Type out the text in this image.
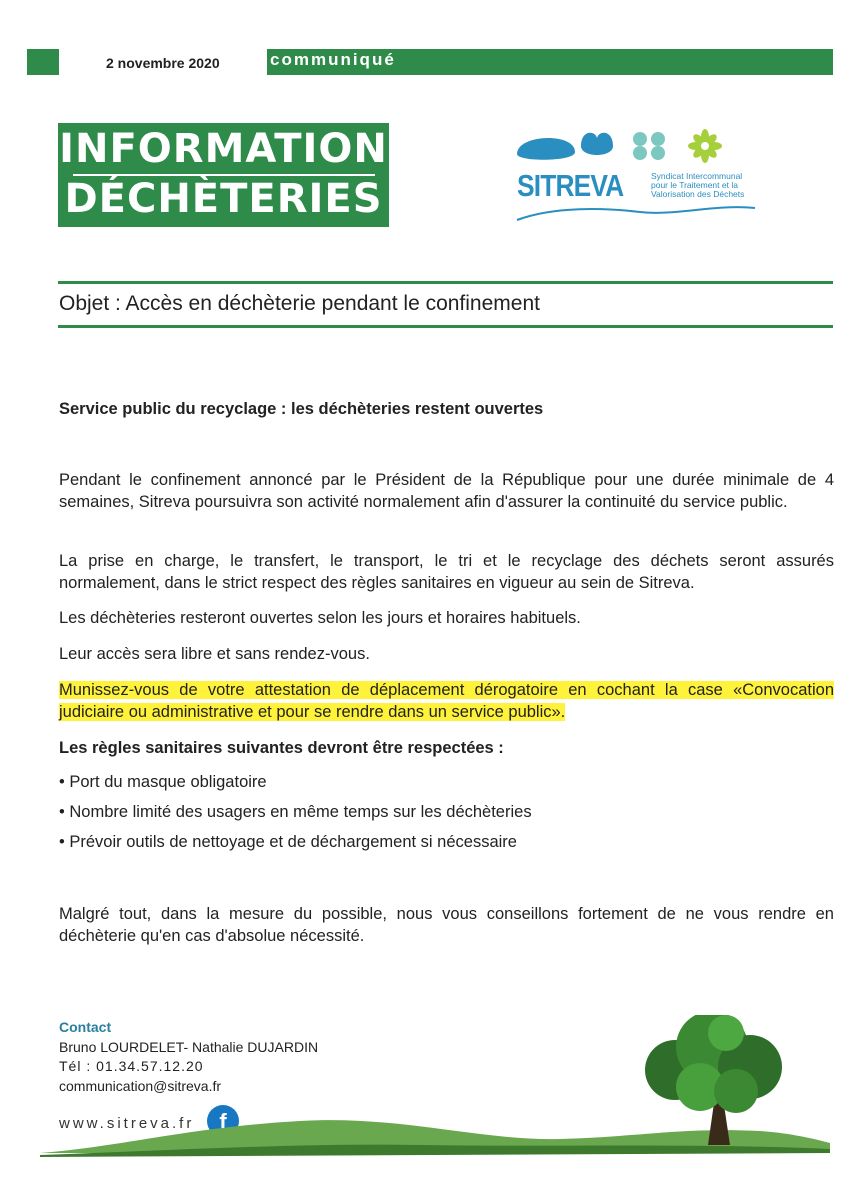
2 novembre 2020	communiqué
INFORMATION
DÉCHÈTERIES	SITREVA	Syndicat Intercommunal
pour le Traitement et la
Valorisation des Déchets
Objet : Accès en déchèterie pendant le confinement
Service public du recyclage : les déchèteries restent ouvertes
Pendant le confinement annoncé par le Président de la République pour une durée minimale de 4 semaines, Sitreva poursuivra son activité normalement afin d'assurer la continuité du service public.
La prise en charge, le transfert, le transport, le tri et le recyclage des déchets seront assurés normalement, dans le strict respect des règles sanitaires en vigueur au sein de Sitreva.
Les déchèteries resteront ouvertes selon les jours et horaires habituels.
Leur accès sera libre et sans rendez-vous.
Munissez-vous de votre attestation de déplacement dérogatoire en cochant la case «Convocation judiciaire ou administrative et pour se rendre dans un service public».
Les règles sanitaires suivantes devront être respectées :
• Port du masque obligatoire
• Nombre limité des usagers en même temps sur les déchèteries
• Prévoir outils de nettoyage et de déchargement si nécessaire
Malgré tout, dans la mesure du possible, nous vous conseillons fortement de ne vous rendre en déchèterie qu'en cas d'absolue nécessité.
Contact
Bruno LOURDELET- Nathalie DUJARDIN
Tél : 01.34.57.12.20
communication@sitreva.fr
www.sitreva.fr	f
